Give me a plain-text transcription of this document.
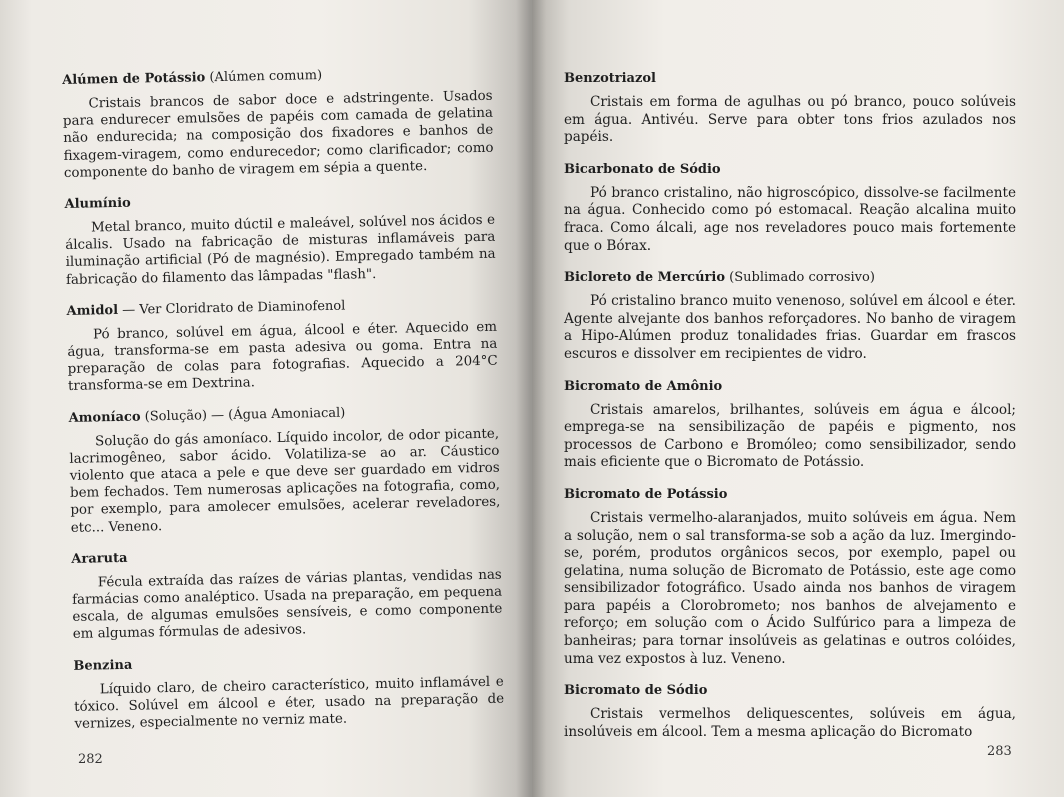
Alúmen de Potássio (Alúmen comum)

Cristais brancos de sabor doce e adstringente. Usados para endurecer emulsões de papéis com camada de gelatina não endurecida; na composição dos fixadores e banhos de fixagem-viragem, como endurecedor; como clarificador; como componente do banho de viragem em sépia a quente.

Alumínio

Metal branco, muito dúctil e maleável, solúvel nos ácidos e álcalis. Usado na fabricação de misturas inflamáveis para iluminação artificial (Pó de magnésio). Empregado também na fabricação do filamento das lâmpadas "flash".

Amidol — Ver Cloridrato de Diaminofenol

Pó branco, solúvel em água, álcool e éter. Aquecido em água, transforma-se em pasta adesiva ou goma. Entra na preparação de colas para fotografias. Aquecido a 204°C transforma-se em Dextrina.

Amoníaco (Solução) — (Água Amoniacal)

Solução do gás amoníaco. Líquido incolor, de odor picante, lacrimogêneo, sabor ácido. Volatiliza-se ao ar. Cáustico violento que ataca a pele e que deve ser guardado em vidros bem fechados. Tem numerosas aplicações na fotografia, como, por exemplo, para amolecer emulsões, acelerar reveladores, etc... Veneno.

Araruta

Fécula extraída das raízes de várias plantas, vendidas nas farmácias como analéptico. Usada na preparação, em pequena escala, de algumas emulsões sensíveis, e como componente em algumas fórmulas de adesivos.

Benzina

Líquido claro, de cheiro característico, muito inflamável e tóxico. Solúvel em álcool e éter, usado na preparação de vernizes, especialmente no verniz mate.

282

Benzotriazol

Cristais em forma de agulhas ou pó branco, pouco solúveis em água. Antivéu. Serve para obter tons frios azulados nos papéis.

Bicarbonato de Sódio

Pó branco cristalino, não higroscópico, dissolve-se facilmente na água. Conhecido como pó estomacal. Reação alcalina muito fraca. Como álcali, age nos reveladores pouco mais fortemente que o Bórax.

Bicloreto de Mercúrio (Sublimado corrosivo)

Pó cristalino branco muito venenoso, solúvel em álcool e éter. Agente alvejante dos banhos reforçadores. No banho de viragem a Hipo-Alúmen produz tonalidades frias. Guardar em frascos escuros e dissolver em recipientes de vidro.

Bicromato de Amônio

Cristais amarelos, brilhantes, solúveis em água e álcool; emprega-se na sensibilização de papéis e pigmento, nos processos de Carbono e Bromóleo; como sensibilizador, sendo mais eficiente que o Bicromato de Potássio.

Bicromato de Potássio

Cristais vermelho-alaranjados, muito solúveis em água. Nem a solução, nem o sal transforma-se sob a ação da luz. Imergindo-se, porém, produtos orgânicos secos, por exemplo, papel ou gelatina, numa solução de Bicromato de Potássio, este age como sensibilizador fotográfico. Usado ainda nos banhos de viragem para papéis a Clorobrometo; nos banhos de alvejamento e reforço; em solução com o Ácido Sulfúrico para a limpeza de banheiras; para tornar insolúveis as gelatinas e outros colóides, uma vez expostos à luz. Veneno.

Bicromato de Sódio

Cristais vermelhos deliquescentes, solúveis em água, insolúveis em álcool. Tem a mesma aplicação do Bicromato

283
